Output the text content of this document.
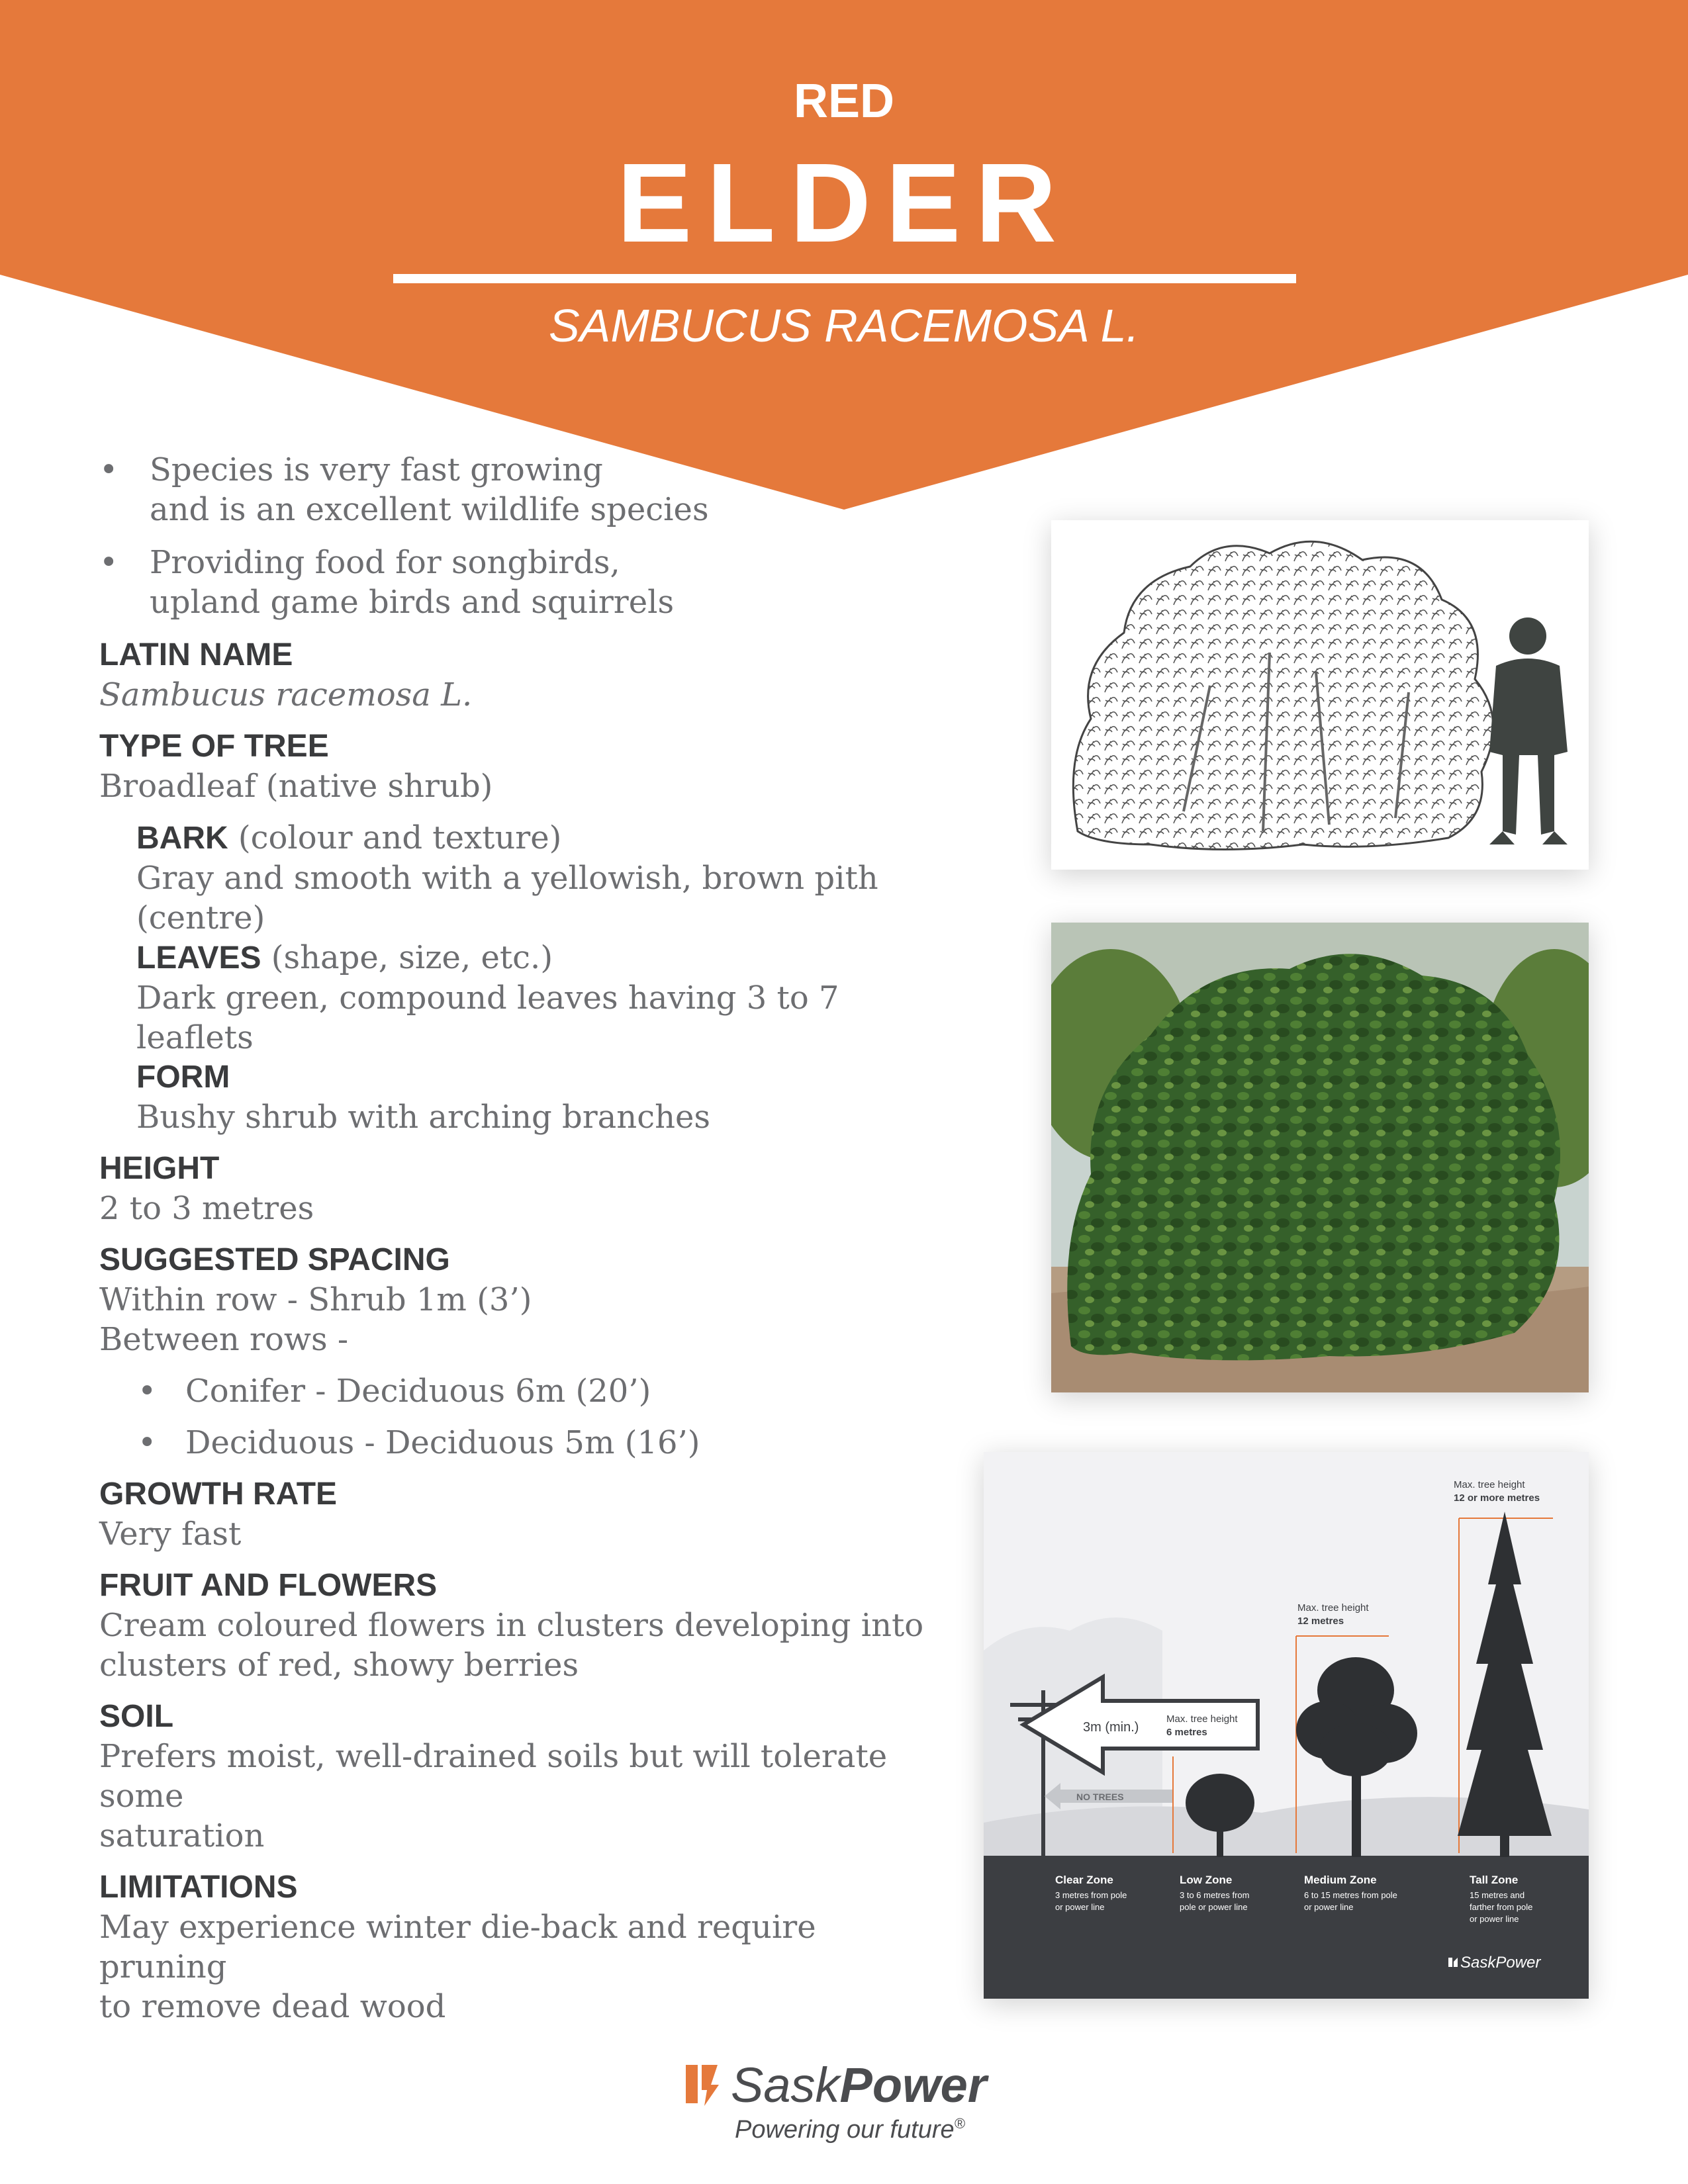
RED
ELDER
SAMBUCUS RACEMOSA L.
• Species is very fast growing
and is an excellent wildlife species
• Providing food for songbirds,
upland game birds and squirrels
LATIN NAME
Sambucus racemosa L.
TYPE OF TREE
Broadleaf (native shrub)
BARK (colour and texture)
Gray and smooth with a yellowish, brown pith
(centre)
LEAVES (shape, size, etc.)
Dark green, compound leaves having 3 to 7 leaflets
FORM
Bushy shrub with arching branches
HEIGHT
2 to 3 metres
SUGGESTED SPACING
Within row - Shrub 1m (3’)
Between rows -
• Conifer - Deciduous 6m (20’)
• Deciduous - Deciduous 5m (16’)
GROWTH RATE
Very fast
FRUIT AND FLOWERS
Cream coloured flowers in clusters developing into
clusters of red, showy berries
SOIL
Prefers moist, well-drained soils but will tolerate some
saturation
LIMITATIONS
May experience winter die-back and require pruning
to remove dead wood
3m (min.)
Max. tree height
6 metres
NO TREES
Max. tree height
12 metres
Max. tree height
12 or more metres
Clear Zone
3 metres from pole
or power line
Low Zone
3 to 6 metres from
pole or power line
Medium Zone
6 to 15 metres from pole
or power line
Tall Zone
15 metres and
farther from pole
or power line
SaskPower
SaskPower
Powering our future®
